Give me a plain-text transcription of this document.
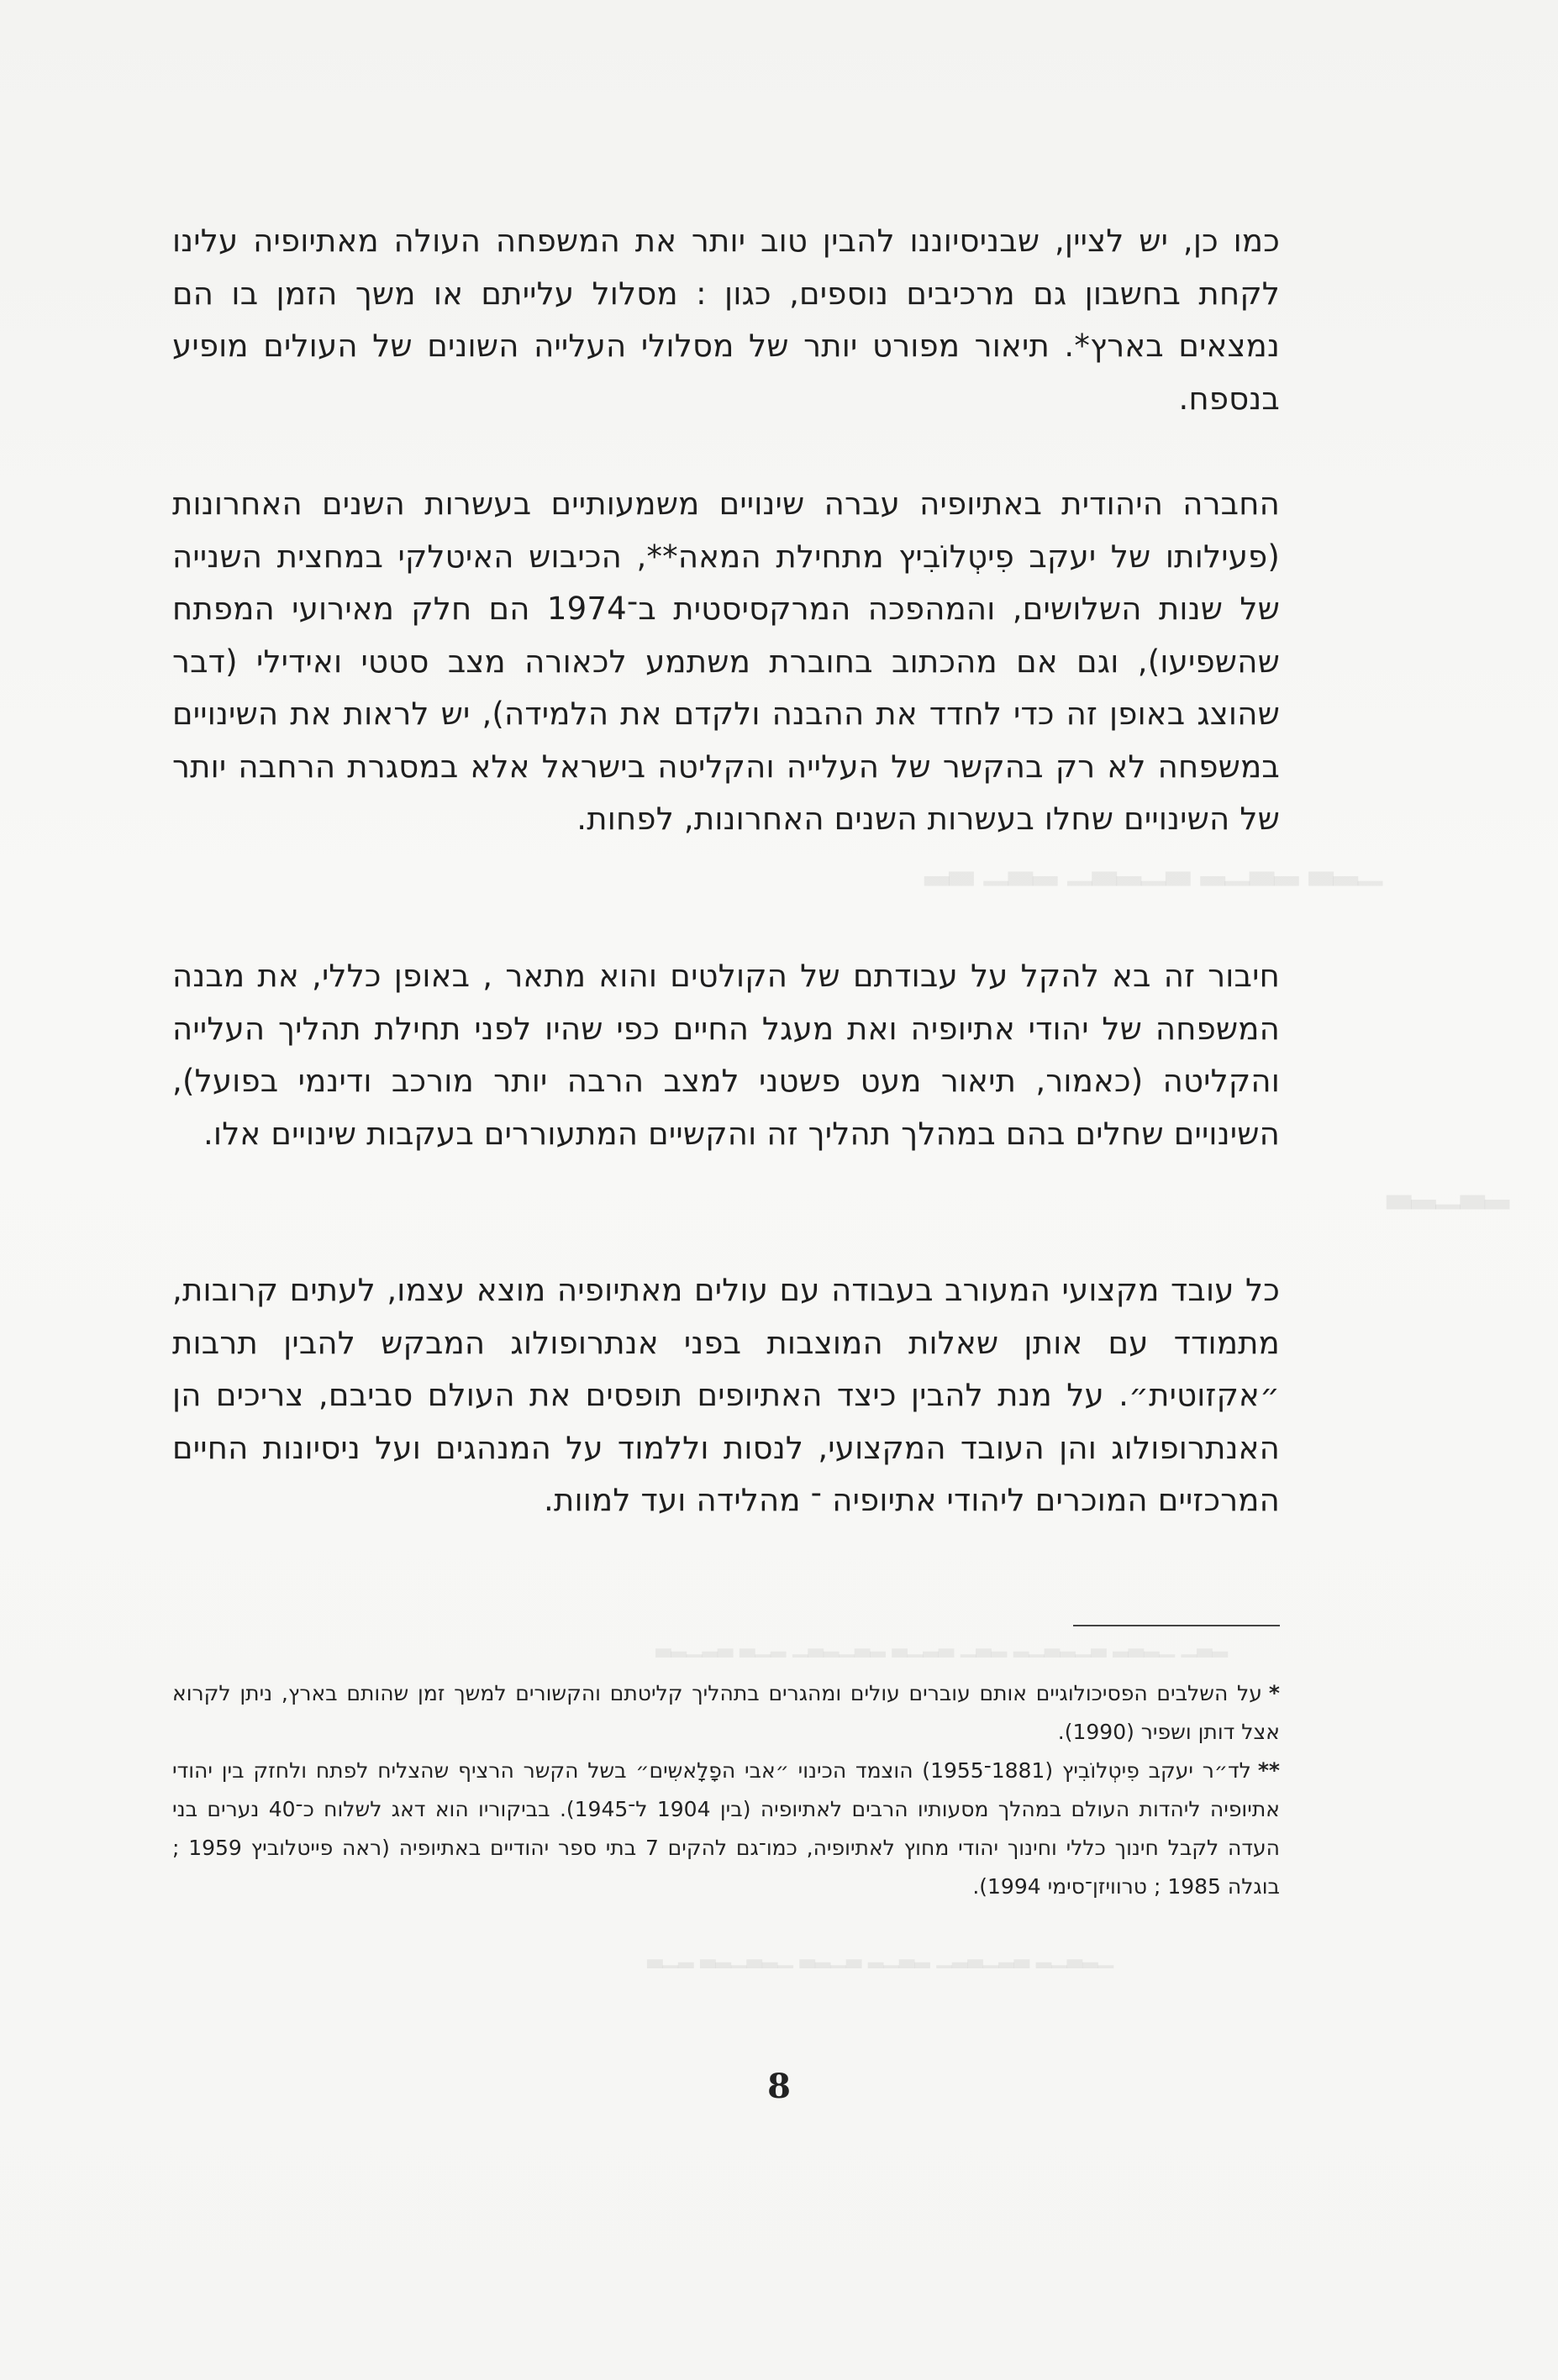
▁▂▃ ▂▃▁▂ ▃▁▂▃▁ ▂▃▁ ▃▂
▂▃▁▂▃
▂▃▁ ▁▂▃▂ ▃▁▂▃▁▂ ▂▃▁ ▃▂▁▃ ▂▃▁▂▃▁ ▂▁▃ ▃▂▁▂▃
▁▂▃▁▂ ▃▂▁▃▂▁ ▂▃▁▂ ▃▁▂▃ ▁▂▃▁▂▃ ▂▁▃

כמו כן, יש לציין, שבניסיוננו להבין טוב יותר את המשפחה העולה מאתיופיה עלינו לקחת בחשבון גם מרכיבים נוספים, כגון : מסלול עלייתם או משך הזמן בו הם נמצאים בארץ*. תיאור מפורט יותר של מסלולי העלייה השונים של העולים מופיע בנספח.

החברה היהודית באתיופיה עברה שינויים משמעותיים בעשרות השנים האחרונות (פעילותו של יעקב פִיטְלוֹבִיץ מתחילת המאה**, הכיבוש האיטלקי במחצית השנייה של שנות השלושים, והמהפכה המרקסיסטית ב־1974 הם חלק מאירועי המפתח שהשפיעו), וגם אם מהכתוב בחוברת משתמע לכאורה מצב סטטי ואידילי (דבר שהוצג באופן זה כדי לחדד את ההבנה ולקדם את הלמידה), יש לראות את השינויים במשפחה לא רק בהקשר של העלייה והקליטה בישראל אלא במסגרת הרחבה יותר של השינויים שחלו בעשרות השנים האחרונות, לפחות.

חיבור זה בא להקל על עבודתם של הקולטים והוא מתאר , באופן כללי, את מבנה המשפחה של יהודי אתיופיה ואת מעגל החיים כפי שהיו לפני תחילת תהליך העלייה והקליטה (כאמור, תיאור מעט פשטני למצב הרבה יותר מורכב ודינמי בפועל), השינויים שחלים בהם במהלך תהליך זה והקשיים המתעוררים בעקבות שינויים אלו.

כל עובד מקצועי המעורב בעבודה עם עולים מאתיופיה מוצא עצמו, לעתים קרובות, מתמודד עם אותן שאלות המוצבות בפני אנתרופולוג המבקש להבין תרבות ״אקזוטית״. על מנת להבין כיצד האתיופים תופסים את העולם סביבם, צריכים הן האנתרופולוג והן העובד המקצועי, לנסות וללמוד על המנהגים ועל ניסיונות החיים המרכזיים המוכרים ליהודי אתיופיה ־ מהלידה ועד למוות.

*על השלבים הפסיכולוגיים אותם עוברים עולים ומהגרים בתהליך קליטתם והקשורים למשך זמן שהותם בארץ, ניתן לקרוא אצל דותן ושפיר (1990).

**לד״ר יעקב פִיטְלוֹבִיץ (1881־1955) הוצמד הכינוי ״אבי הפָלָאשִים״ בשל הקשר הרציף שהצליח לפתח ולחזק בין יהודי אתיופיה ליהדות העולם במהלך מסעותיו הרבים לאתיופיה (בין 1904 ל־1945). בביקוריו הוא דאג לשלוח כ־40 נערים בני העדה לקבל חינוך כללי וחינוך יהודי מחוץ לאתיופיה, כמו־גם להקים 7 בתי ספר יהודיים באתיופיה (ראה פייטלוביץ 1959 ; בוגלה 1985 ; טרוויזן־סימי 1994).

8
